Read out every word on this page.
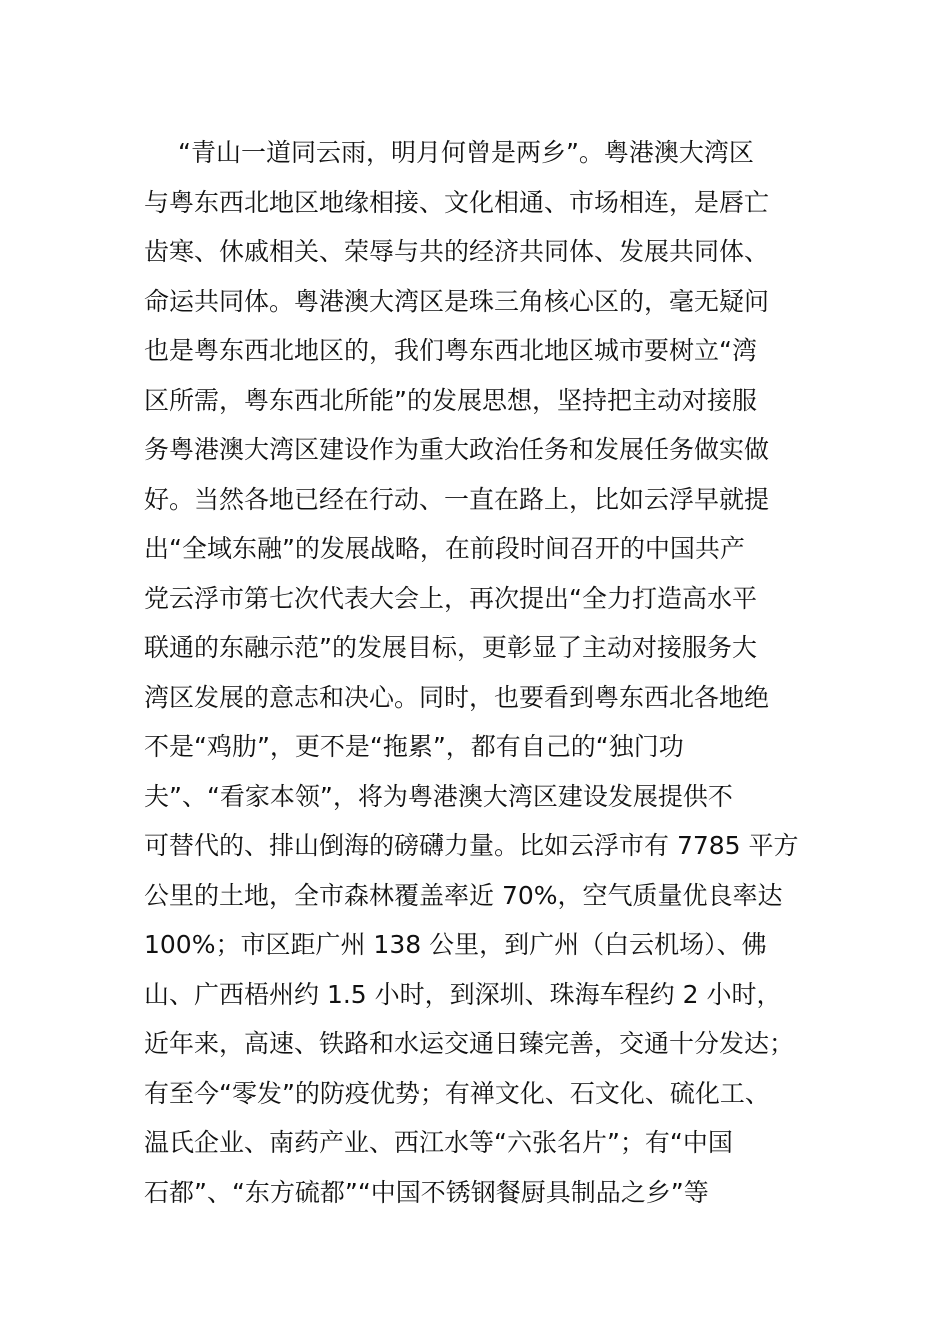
“青山一道同云雨，明月何曾是两乡”。粤港澳大湾区
与粤东西北地区地缘相接、文化相通、市场相连，是唇亡
齿寒、休戚相关、荣辱与共的经济共同体、发展共同体、
命运共同体。粤港澳大湾区是珠三角核心区的，毫无疑问
也是粤东西北地区的，我们粤东西北地区城市要树立“湾
区所需，粤东西北所能”的发展思想，坚持把主动对接服
务粤港澳大湾区建设作为重大政治任务和发展任务做实做
好。当然各地已经在行动、一直在路上，比如云浮早就提
出“全域东融”的发展战略，在前段时间召开的中国共产
党云浮市第七次代表大会上，再次提出“全力打造高水平
联通的东融示范”的发展目标，更彰显了主动对接服务大
湾区发展的意志和决心。同时，也要看到粤东西北各地绝
不是“鸡肋”，更不是“拖累”，都有自己的“独门功
夫”、“看家本领”，将为粤港澳大湾区建设发展提供不
可替代的、排山倒海的磅礴力量。比如云浮市有 7785 平方
公里的土地，全市森林覆盖率近 70%，空气质量优良率达
100%；市区距广州 138 公里，到广州（白云机场）、佛
山、广西梧州约 1.5 小时，到深圳、珠海车程约 2 小时，
近年来，高速、铁路和水运交通日臻完善，交通十分发达；
有至今“零发”的防疫优势；有禅文化、石文化、硫化工、
温氏企业、南药产业、西江水等“六张名片”；有“中国
石都”、“东方硫都”“中国不锈钢餐厨具制品之乡”等
